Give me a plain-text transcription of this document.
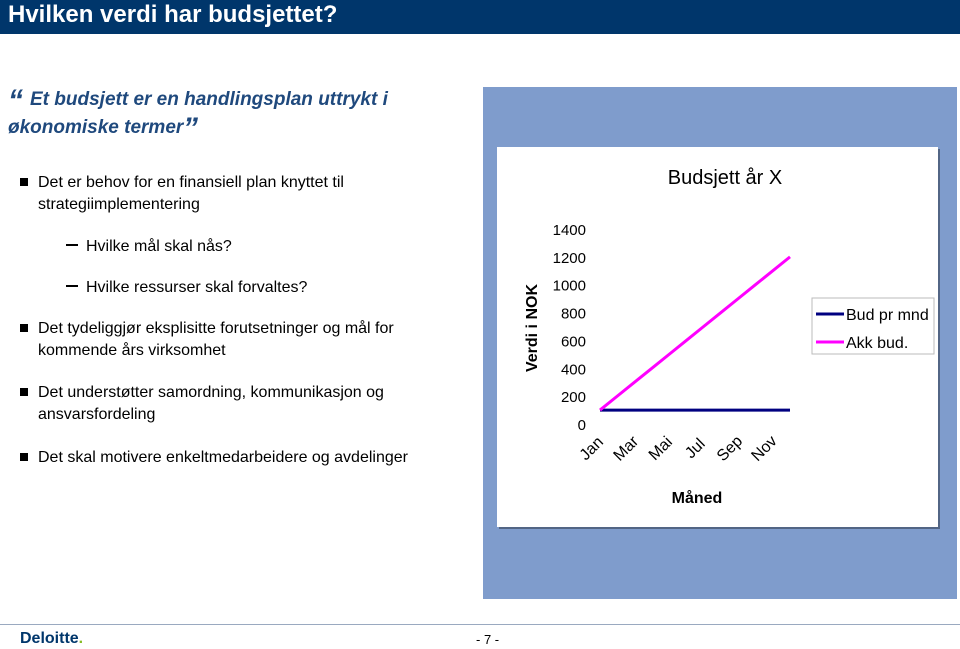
Hvilken verdi har budsjettet?
“ Et budsjett er en handlingsplan uttrykt i
økonomiske termer ”
Det er behov for en finansiell plan knyttet til
strategiimplementering
Hvilke mål skal nås?
Hvilke ressurser skal forvaltes?
Det tydeliggjør eksplisitte forutsetninger og mål for
kommende års virksomhet
Det understøtter samordning, kommunikasjon og
ansvarsfordeling
Det skal motivere enkeltmedarbeidere og avdelinger
Budsjett år X
Verdi i NOK
Måned
0
200
400
600
800
1000
1200
1400
Jan Mar Mai Jul Sep Nov
Bud pr mnd
Akk bud.
Deloitte.	- 7 -
